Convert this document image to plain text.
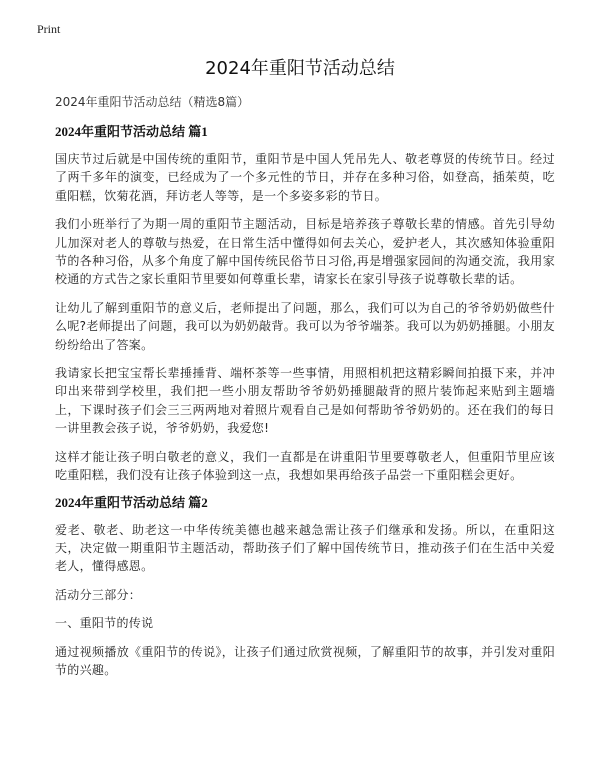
Print
2024年重阳节活动总结

2024年重阳节活动总结（精选8篇）

2024年重阳节活动总结 篇1

国庆节过后就是中国传统的重阳节，重阳节是中国人凭吊先人、敬老尊贤的传统节日。经过了两千多年的演变，已经成为了一个多元性的节日，并存在多种习俗，如登高，插茱萸，吃重阳糕，饮菊花酒，拜访老人等等，是一个多姿多彩的节日。

我们小班举行了为期一周的重阳节主题活动，目标是培养孩子尊敬长辈的情感。首先引导幼儿加深对老人的尊敬与热爱，在日常生活中懂得如何去关心，爱护老人，其次感知体验重阳节的各种习俗，从多个角度了解中国传统民俗节日习俗,再是增强家园间的沟通交流，我用家校通的方式告之家长重阳节里要如何尊重长辈，请家长在家引导孩子说尊敬长辈的话。

让幼儿了解到重阳节的意义后，老师提出了问题，那么，我们可以为自己的爷爷奶奶做些什么呢?老师提出了问题，我可以为奶奶敲背。我可以为爷爷端茶。我可以为奶奶捶腿。小朋友纷纷给出了答案。

我请家长把宝宝帮长辈捶捶背、端杯茶等一些事情，用照相机把这精彩瞬间拍摄下来，并冲印出来带到学校里，我们把一些小朋友帮助爷爷奶奶捶腿敲背的照片装饰起来贴到主题墙上，下课时孩子们会三三两两地对着照片观看自己是如何帮助爷爷奶奶的。还在我们的每日一讲里教会孩子说，爷爷奶奶，我爱您!

这样才能让孩子明白敬老的意义，我们一直都是在讲重阳节里要尊敬老人，但重阳节里应该吃重阳糕，我们没有让孩子体验到这一点，我想如果再给孩子品尝一下重阳糕会更好。

2024年重阳节活动总结 篇2

爱老、敬老、助老这一中华传统美德也越来越急需让孩子们继承和发扬。所以，在重阳这天，决定做一期重阳节主题活动，帮助孩子们了解中国传统节日，推动孩子们在生活中关爱老人，懂得感恩。

活动分三部分：

一、重阳节的传说

通过视频播放《重阳节的传说》，让孩子们通过欣赏视频，了解重阳节的故事，并引发对重阳节的兴趣。
